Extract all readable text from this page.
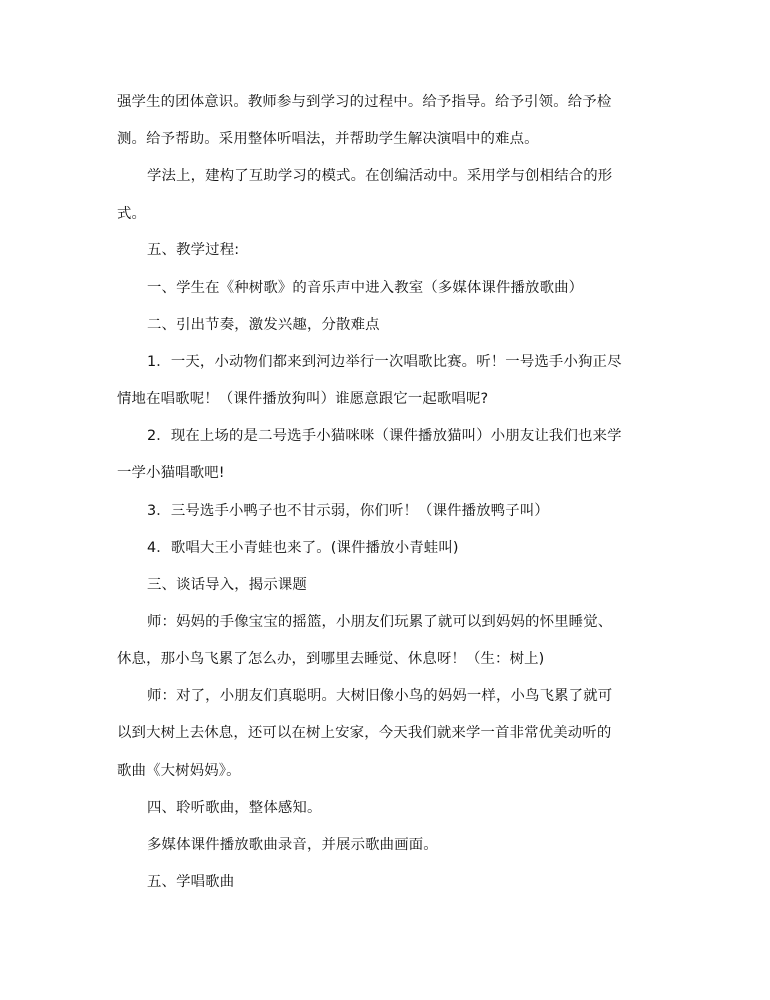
强学生的团体意识。教师参与到学习的过程中。给予指导。给予引领。给予检
测。给予帮助。采用整体听唱法，并帮助学生解决演唱中的难点。
学法上，建构了互助学习的模式。在创编活动中。采用学与创相结合的形
式。
五、教学过程:
一、学生在《种树歌》的音乐声中进入教室（多媒体课件播放歌曲）
二、引出节奏，激发兴趣，分散难点
1．一天，小动物们都来到河边举行一次唱歌比赛。听！一号选手小狗正尽
情地在唱歌呢！（课件播放狗叫）谁愿意跟它一起歌唱呢?
2．现在上场的是二号选手小猫咪咪（课件播放猫叫）小朋友让我们也来学
一学小猫唱歌吧!
3．三号选手小鸭子也不甘示弱，你们听！（课件播放鸭子叫）
4．歌唱大王小青蛙也来了。(课件播放小青蛙叫)
三、谈话导入，揭示课题
师：妈妈的手像宝宝的摇篮，小朋友们玩累了就可以到妈妈的怀里睡觉、
休息，那小鸟飞累了怎么办，到哪里去睡觉、休息呀！（生：树上)
师：对了，小朋友们真聪明。大树旧像小鸟的妈妈一样，小鸟飞累了就可
以到大树上去休息，还可以在树上安家，今天我们就来学一首非常优美动听的
歌曲《大树妈妈》。
四、聆听歌曲，整体感知。
多媒体课件播放歌曲录音，并展示歌曲画面。
五、学唱歌曲
